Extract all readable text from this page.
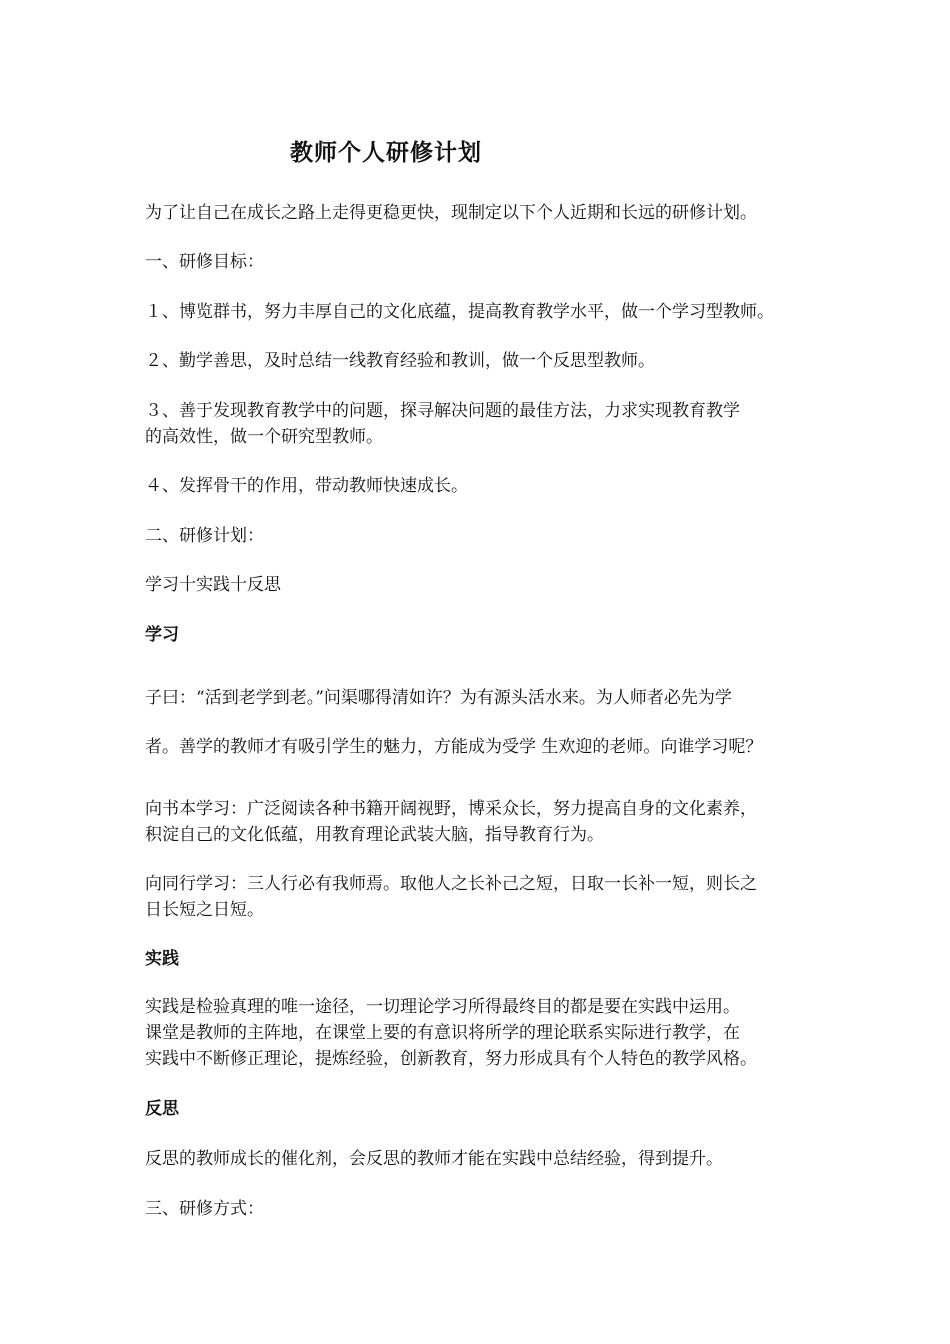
教师个人研修计划

为了让自己在成长之路上走得更稳更快，现制定以下个人近期和长远的研修计划。

一、研修目标：

１、博览群书，努力丰厚自己的文化底蕴，提高教育教学水平，做一个学习型教师。

２、勤学善思，及时总结一线教育经验和教训，做一个反思型教师。

３、善于发现教育教学中的问题，探寻解决问题的最佳方法，力求实现教育教学

的高效性，做一个研究型教师。

４、发挥骨干的作用，带动教师快速成长。

二、研修计划：

学习十实践十反思

学习

子曰：“活到老学到老。”问渠哪得清如许？为有源头活水来。为人师者必先为学

者。善学的教师才有吸引学生的魅力，方能成为受学 生欢迎的老师。向谁学习呢？

向书本学习：广泛阅读各种书籍开阔视野，博采众长，努力提高自身的文化素养，

积淀自己的文化低蕴，用教育理论武装大脑，指导教育行为。

向同行学习：三人行必有我师焉。取他人之长补己之短，日取一长补一短，则长之

日长短之日短。

实践

实践是检验真理的唯一途径，一切理论学习所得最终目的都是要在实践中运用。

课堂是教师的主阵地，在课堂上要的有意识将所学的理论联系实际进行教学，在

实践中不断修正理论，提炼经验，创新教育，努力形成具有个人特色的教学风格。

反思

反思的教师成长的催化剂，会反思的教师才能在实践中总结经验，得到提升。

三、研修方式：
